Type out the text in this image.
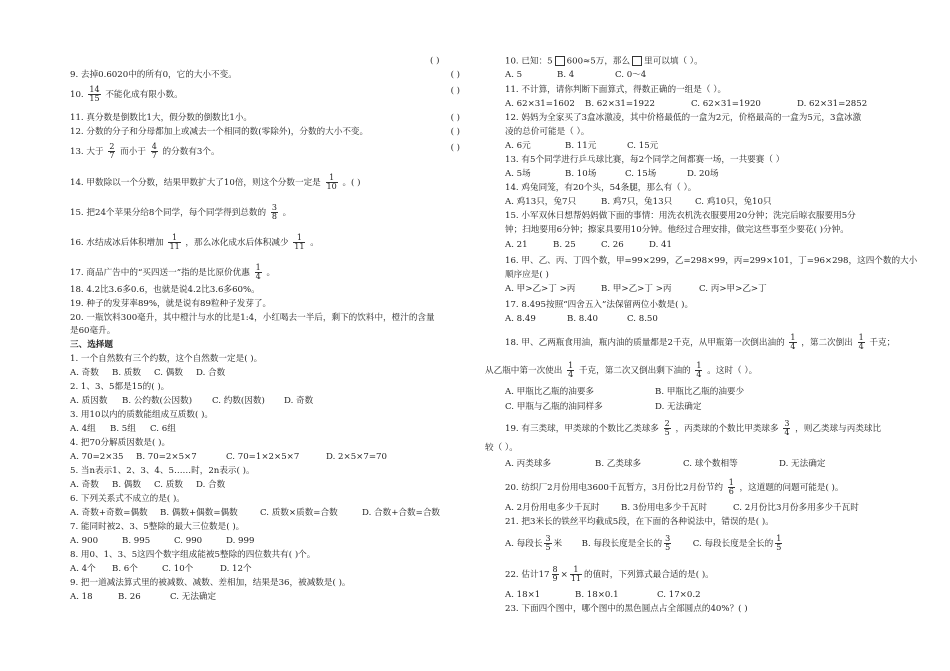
( )
9. 去掉0.6020中的所有0，它的大小不变。	( )
10. $\frac{14}{15}$ 不能化成有限小数。	( )
11. 真分数是倒数比1大，假分数的倒数比1小。	( )
12. 分数的分子和分母都加上或减去一个相同的数(零除外)，分数的大小不变。	( )
13. 大于 $\frac{2}{7}$ 而小于 $\frac{4}{7}$ 的分数有3个。	( )
14. 甲数除以一个分数，结果甲数扩大了10倍，则这个分数一定是 $\frac{1}{10}$ 。( )
15. 把24个苹果分给8个同学，每个同学得到总数的 $\frac{3}{8}$ 。
16. 水结成冰后体积增加 $\frac{1}{11}$ ，那么冰化成水后体积减少 $\frac{1}{11}$ 。
17. 商品广告中的“买四送一”指的是比原价优惠 $\frac{1}{4}$ 。
18. 4.2比3.6多0.6，也就是说4.2比3.6多60%。
19. 种子的发芽率89%，就是说有89粒种子发芽了。
20. 一瓶饮料300毫升，其中橙汁与水的比是1:4，小红喝去一半后，剩下的饮料中，橙汁的含量
是60毫升。
三、选择题
1. 一个自然数有三个约数，这个自然数一定是( )。
A. 奇数 B. 质数 C. 偶数 D. 合数
2. 1、3、5都是15的( )。
A. 质因数 B. 公约数(公因数) C. 约数(因数) D. 奇数
3. 用10以内的质数能组成互质数( )。
A. 4组 B. 5组 C. 6组
4. 把70分解质因数是( )。
A. 70=2×35 B. 70=2×5×7	C. 70=1×2×5×7	D. 2×5×7=70
5. 当n表示1、2、3、4、5……时，2n表示( )。
A. 奇数 B. 偶数 C. 质数 D. 合数
6. 下列关系式不成立的是( )。
A. 奇数+奇数=偶数 B. 偶数+偶数=偶数	C. 质数×质数=合数	D. 合数+合数=合数
7. 能同时被2、3、5整除的最大三位数是( )。
A. 900	B. 995	C. 990	D. 999
8. 用0、1、3、5这四个数字组成能被5整除的四位数共有( )个。
A. 4个 B. 6个	C. 10个	D. 12个
9. 把一道减法算式里的被减数、减数、差相加，结果是36，被减数是( )。
A. 18	B. 26	C. 无法确定
10. 已知：5 600≈5万，那么 里可以填（ ）。
A. 5	B. 4	C. 0～4
11. 不计算，请你判断下面算式，得数正确的一组是（ ）。
A. 62×31=1602 B. 62×31=1922	C. 62×31=1920	D. 62×31=2852
12. 妈妈为全家买了3盒冰激凌，其中价格最低的一盒为2元，价格最高的一盒为5元，3盒冰激
凌的总价可能是（ ）。
A. 6元	B. 11元	C. 15元
13. 有5个同学进行乒乓球比赛，每2个同学之间都赛一场，一共要赛（ ）
A. 5场	B. 10场	C. 15场	D. 20场
14. 鸡兔同笼，有20个头，54条腿，那么有（ ）。
A. 鸡13只，兔7只	B. 鸡7只，兔13只	C. 鸡10只，兔10只
15. 小军双休日想帮妈妈做下面的事情：用洗衣机洗衣服要用20分钟；洗完后晾衣服要用5分
钟；扫地要用6分钟；擦家具要用10分钟。他经过合理安排，做完这些事至少要花( )分钟。
A. 21	B. 25	C. 26	D. 41
16. 甲、乙、丙、丁四个数，甲=99×299，乙=298×99，丙=299×101，丁=96×298，这四个数的大小
顺序应是( )
A. 甲>乙>丁 >丙	B. 甲>乙>丁 >丙	C. 丙>甲>乙>丁
17. 8.495按照“四舍五入”法保留两位小数是( )。
A. 8.49	B. 8.40	C. 8.50
18. 甲、乙两瓶食用油，瓶内油的质量都是2千克，从甲瓶第一次倒出油的 $\frac{1}{4}$ ，第二次倒出 $\frac{1}{4}$ 千克；
从乙瓶中第一次使出 $\frac{1}{4}$ 千克，第二次又倒出剩下油的 $\frac{1}{4}$ 。这时（ ）。
A. 甲瓶比乙瓶的油要多	B. 甲瓶比乙瓶的油要少
C. 甲瓶与乙瓶的油同样多	D. 无法确定
19. 有三类球，甲类球的个数比乙类球多 $\frac{2}{5}$ ，丙类球的个数比甲类球多 $\frac{3}{4}$ ，则乙类球与丙类球比
较（ ）。
A. 丙类球多	B. 乙类球多	C. 球个数相等	D. 无法确定
20. 纺织厂2月份用电3600千瓦暂方，3月份比2月份节约 $\frac{1}{6}$ ，这道题的问题可能是( )。
A. 2月份用电多少千瓦时	B. 3份用电多少千瓦时	C. 2月份比3月份多用多少千瓦时
21. 把3米长的铁丝平均截成5段，在下面的各种说法中，错误的是( )。
A. 每段长 $\frac{3}{5}$ 米 B. 每段长度是全长的 $\frac{3}{5} C$. 每段长度是全长的 $\frac{1}{5}$
22. 估计$17 \frac{8}{9} \times \frac{1}{11}$ 的值时，下列算式最合适的是( )。
A. 18×1	B. 18×0.1	C. 17×0.2
23. 下面四个图中，哪个图中的黑色圆点占全部圆点的40%？( )
